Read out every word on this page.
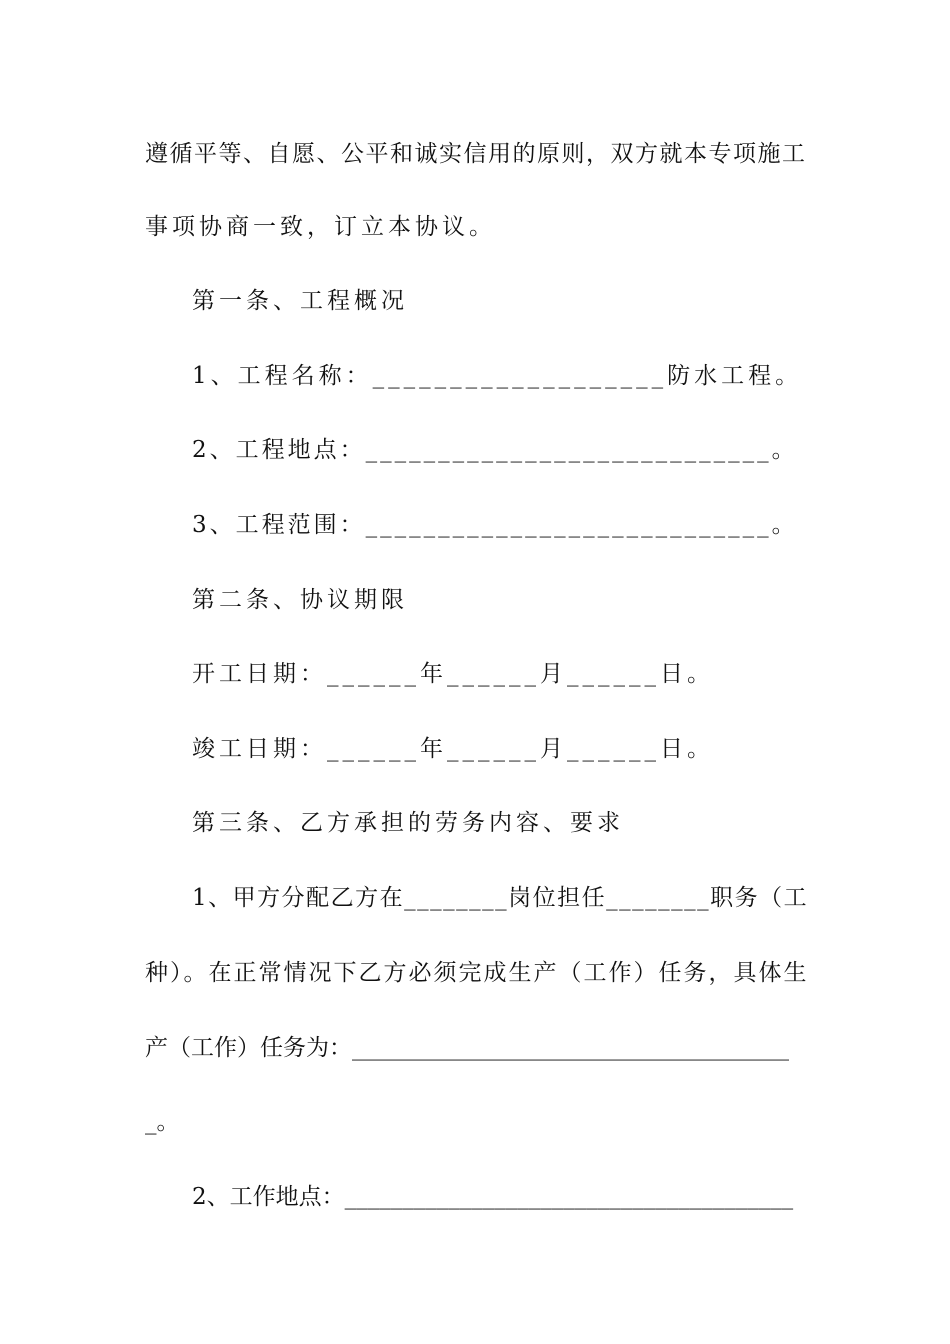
遵循平等、自愿、公平和诚实信用的原则，双方就本专项施工

事项协商一致，订立本协议。

第一条、工程概况

1、工程名称：___________________防水工程。

2、工程地点：____________________________。

3、工程范围：____________________________。

第二条、协议期限

开工日期：______年______月______日。

竣工日期：______年______月______日。

第三条、乙方承担的劳务内容、要求

1、甲方分配乙方在________岗位担任________职务（工

种）。在正常情况下乙方必须完成生产（工作）任务，具体生

产（工作）任务为：______________________________________

_。

2、工作地点：_______________________________________
